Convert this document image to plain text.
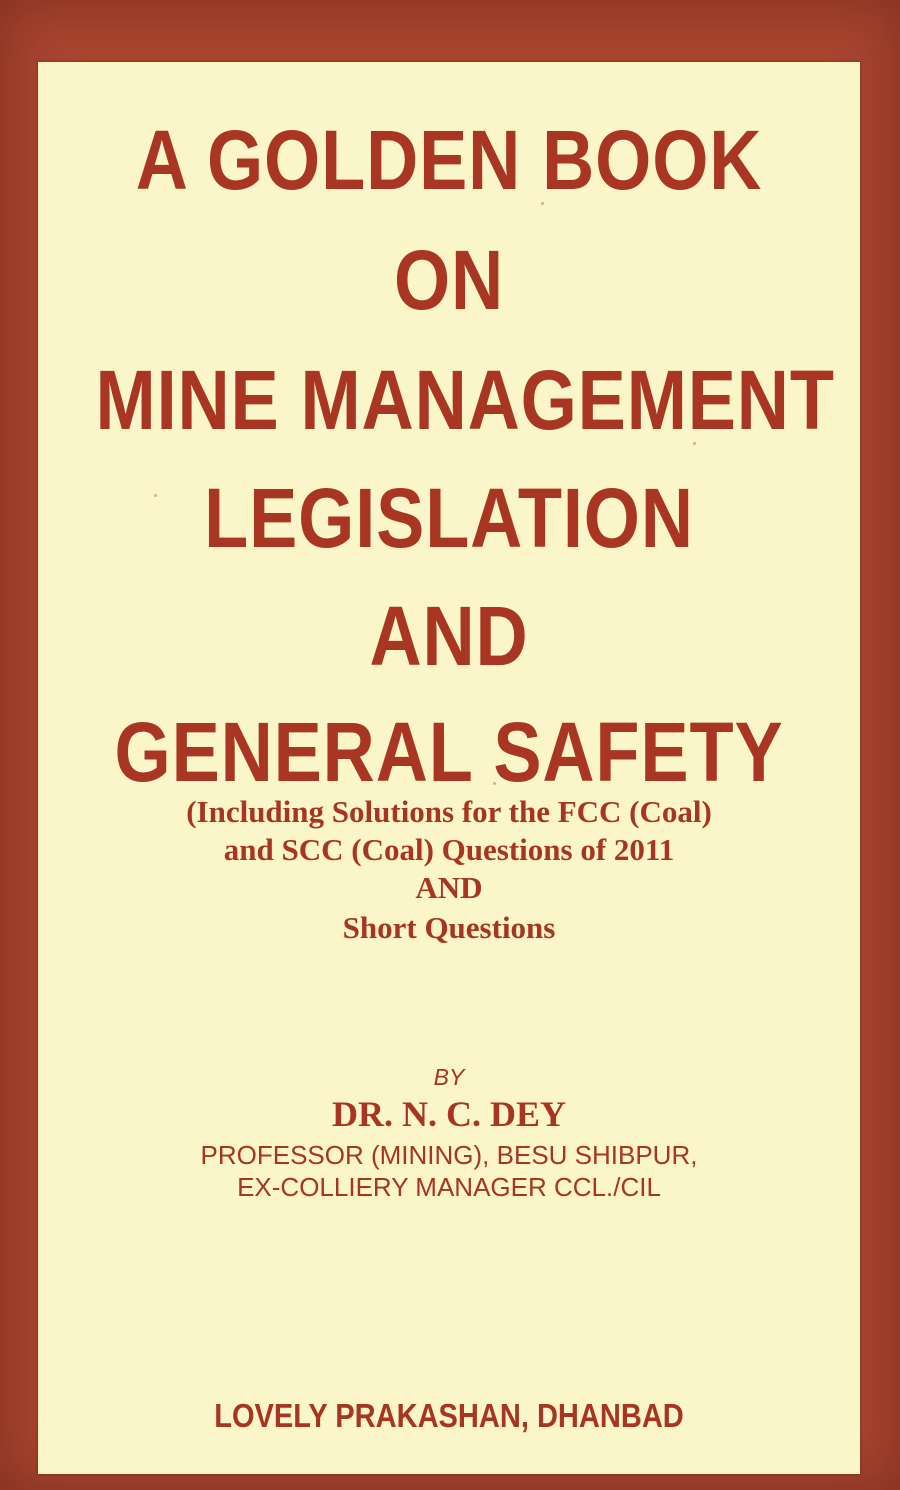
A GOLDEN BOOK
ON
MINE MANAGEMENT
LEGISLATION
AND
GENERAL SAFETY
(Including Solutions for the FCC (Coal)
and SCC (Coal) Questions of 2011
AND
Short Questions
BY
DR. N. C. DEY
PROFESSOR (MINING), BESU SHIBPUR,
EX-COLLIERY MANAGER CCL./CIL
LOVELY PRAKASHAN, DHANBAD
